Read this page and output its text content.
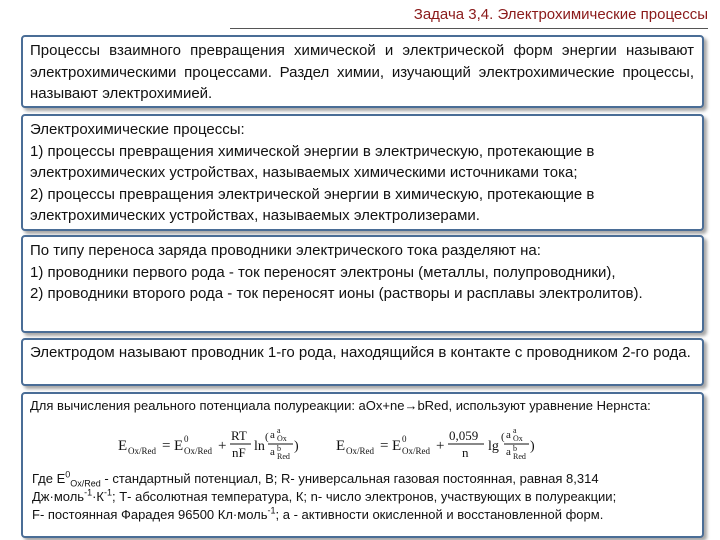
Задача 3,4. Электрохимические процессы

Процессы взаимного превращения химической и электрической форм энергии называют электрохимическими процессами. Раздел химии, изучающий электрохимические процессы, называют электрохимией.

Электрохимические процессы:

1) процессы превращения химической энергии в электрическую, протекающие в электрохимических устройствах, называемых химическими источниками тока;

2) процессы превращения электрической энергии в химическую, протекающие в электрохимических устройствах, называемых электролизерами.

По типу переноса заряда проводники электрического тока разделяют на:

1) проводники первого рода - ток переносят электроны (металлы, полупроводники),

2) проводники второго рода - ток переносят ионы (растворы и расплавы электролитов).

Электродом называют проводник 1-го рода, находящийся в контакте с проводником 2-го рода.

Для вычисления реального потенциала полуреакции: aOx+ne→bRed, используют уравнение Нернста:

E Ox/Red = E 0
Ox/Red +
RT
nF ln
( a a
Ox
a b
Red
) E Ox/Red = E 0
Ox/Red +
0,059
n lg
( a a
Ox
a b
Red
)

Где $E^0_{Ox/Red}$ - стандартный потенциал, В; R- универсальная газовая постоянная, равная 8,314

$Дж\cdot моль^{-1}\cdot К^{-1}$; Т- абсолютная температура, К; n- число электронов, участвующих в полуреакции;

F- постоянная Фарадея 96500 Кл·моль$^{-1}$; а - активности окисленной и восстановленной форм.
